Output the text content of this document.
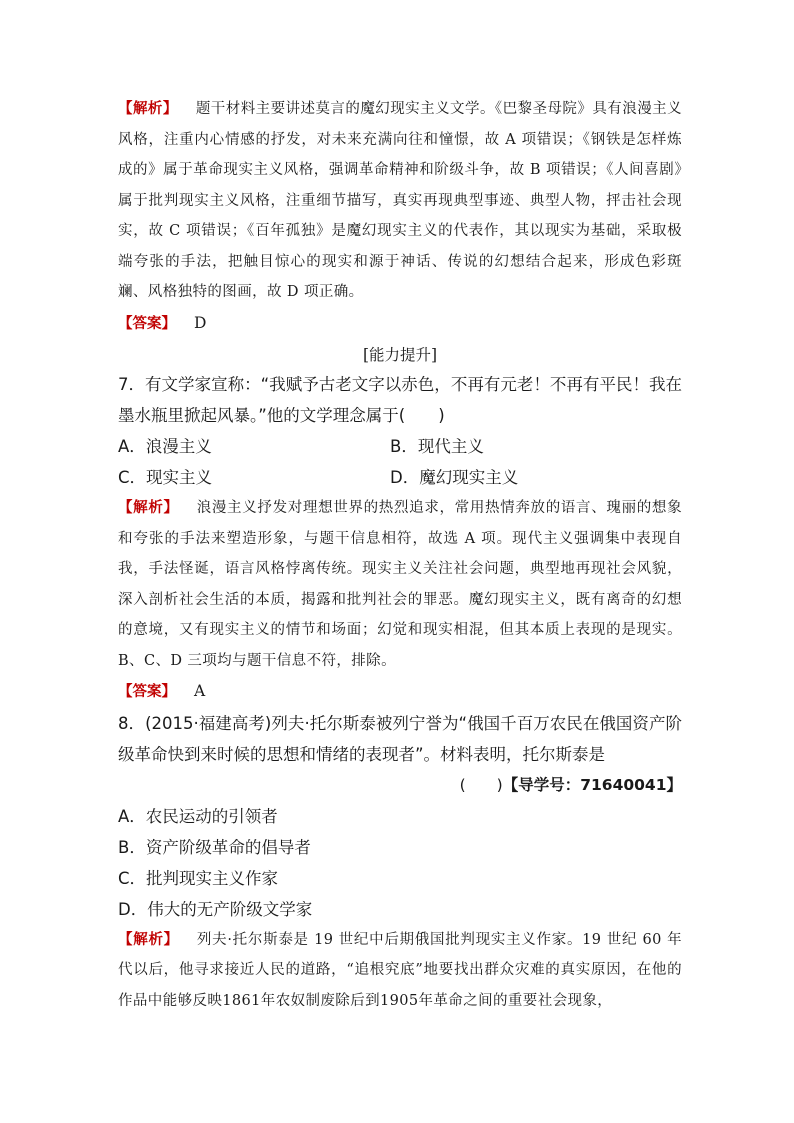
【解析】 题干材料主要讲述莫言的魔幻现实主义文学。《巴黎圣母院》具有浪漫主义风格，注重内心情感的抒发，对未来充满向往和憧憬，故 A 项错误；《钢铁是怎样炼成的》属于革命现实主义风格，强调革命精神和阶级斗争，故 B 项错误；《人间喜剧》属于批判现实主义风格，注重细节描写，真实再现典型事迹、典型人物，抨击社会现实，故 C 项错误；《百年孤独》是魔幻现实主义的代表作，其以现实为基础，采取极端夸张的手法，把触目惊心的现实和源于神话、传说的幻想结合起来，形成色彩斑斓、风格独特的图画，故 D 项正确。

【答案】 D

[能力提升]

7．有文学家宣称：“我赋予古老文字以赤色，不再有元老！不再有平民！我在墨水瓶里掀起风暴。”他的文学理念属于(　　)

A．浪漫主义	B．现代主义
C．现实主义	D．魔幻现实主义

【解析】 浪漫主义抒发对理想世界的热烈追求，常用热情奔放的语言、瑰丽的想象和夸张的手法来塑造形象，与题干信息相符，故选 A 项。现代主义强调集中表现自我，手法怪诞，语言风格悖离传统。现实主义关注社会问题，典型地再现社会风貌，深入剖析社会生活的本质，揭露和批判社会的罪恶。魔幻现实主义，既有离奇的幻想的意境，又有现实主义的情节和场面；幻觉和现实相混，但其本质上表现的是现实。B、C、D 三项均与题干信息不符，排除。

【答案】 A

8．(2015·福建高考)列夫·托尔斯泰被列宁誉为“俄国千百万农民在俄国资产阶级革命快到来时候的思想和情绪的表现者”。材料表明，托尔斯泰是

(　　)【导学号：71640041】

A．农民运动的引领者

B．资产阶级革命的倡导者

C．批判现实主义作家

D．伟大的无产阶级文学家

【解析】 列夫·托尔斯泰是 19 世纪中后期俄国批判现实主义作家。19 世纪 60 年代以后，他寻求接近人民的道路，“追根究底”地要找出群众灾难的真实原因，在他的作品中能够反映1861年农奴制废除后到1905年革命之间的重要社会现象，
